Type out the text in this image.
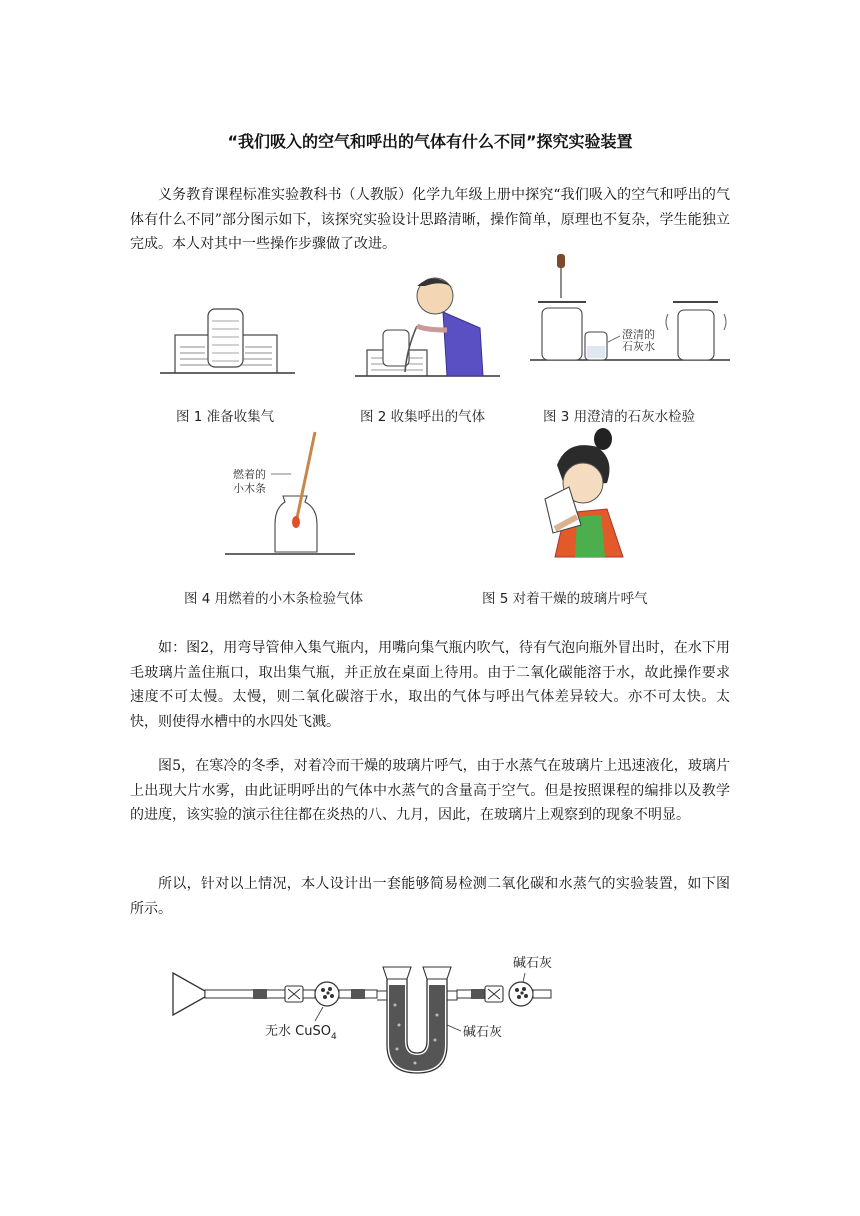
“我们吸入的空气和呼出的气体有什么不同”探究实验装置
义务教育课程标准实验教科书（人教版）化学九年级上册中探究“我们吸入的空气和呼出的气体有什么不同”部分图示如下，该探究实验设计思路清晰，操作简单，原理也不复杂，学生能独立完成。本人对其中一些操作步骤做了改进。
图 1 准备收集气	图 2 收集呼出的气体
澄清的
石灰水
图 3 用澄清的石灰水检验
燃着的
小木条
图 4 用燃着的小木条检验气体	图 5 对着干燥的玻璃片呼气
如：图2，用弯导管伸入集气瓶内，用嘴向集气瓶内吹气，待有气泡向瓶外冒出时，在水下用毛玻璃片盖住瓶口，取出集气瓶，并正放在桌面上待用。由于二氧化碳能溶于水，故此操作要求速度不可太慢。太慢，则二氧化碳溶于水，取出的气体与呼出气体差异较大。亦不可太快。太快，则使得水槽中的水四处飞溅。
图5，在寒冷的冬季，对着冷而干燥的玻璃片呼气，由于水蒸气在玻璃片上迅速液化，玻璃片上出现大片水雾，由此证明呼出的气体中水蒸气的含量高于空气。但是按照课程的编排以及教学的进度，该实验的演示往往都在炎热的八、九月，因此，在玻璃片上观察到的现象不明显。
所以，针对以上情况，本人设计出一套能够简易检测二氧化碳和水蒸气的实验装置，如下图所示。
碱石灰
无水 CuSO$_4$	碱石灰
